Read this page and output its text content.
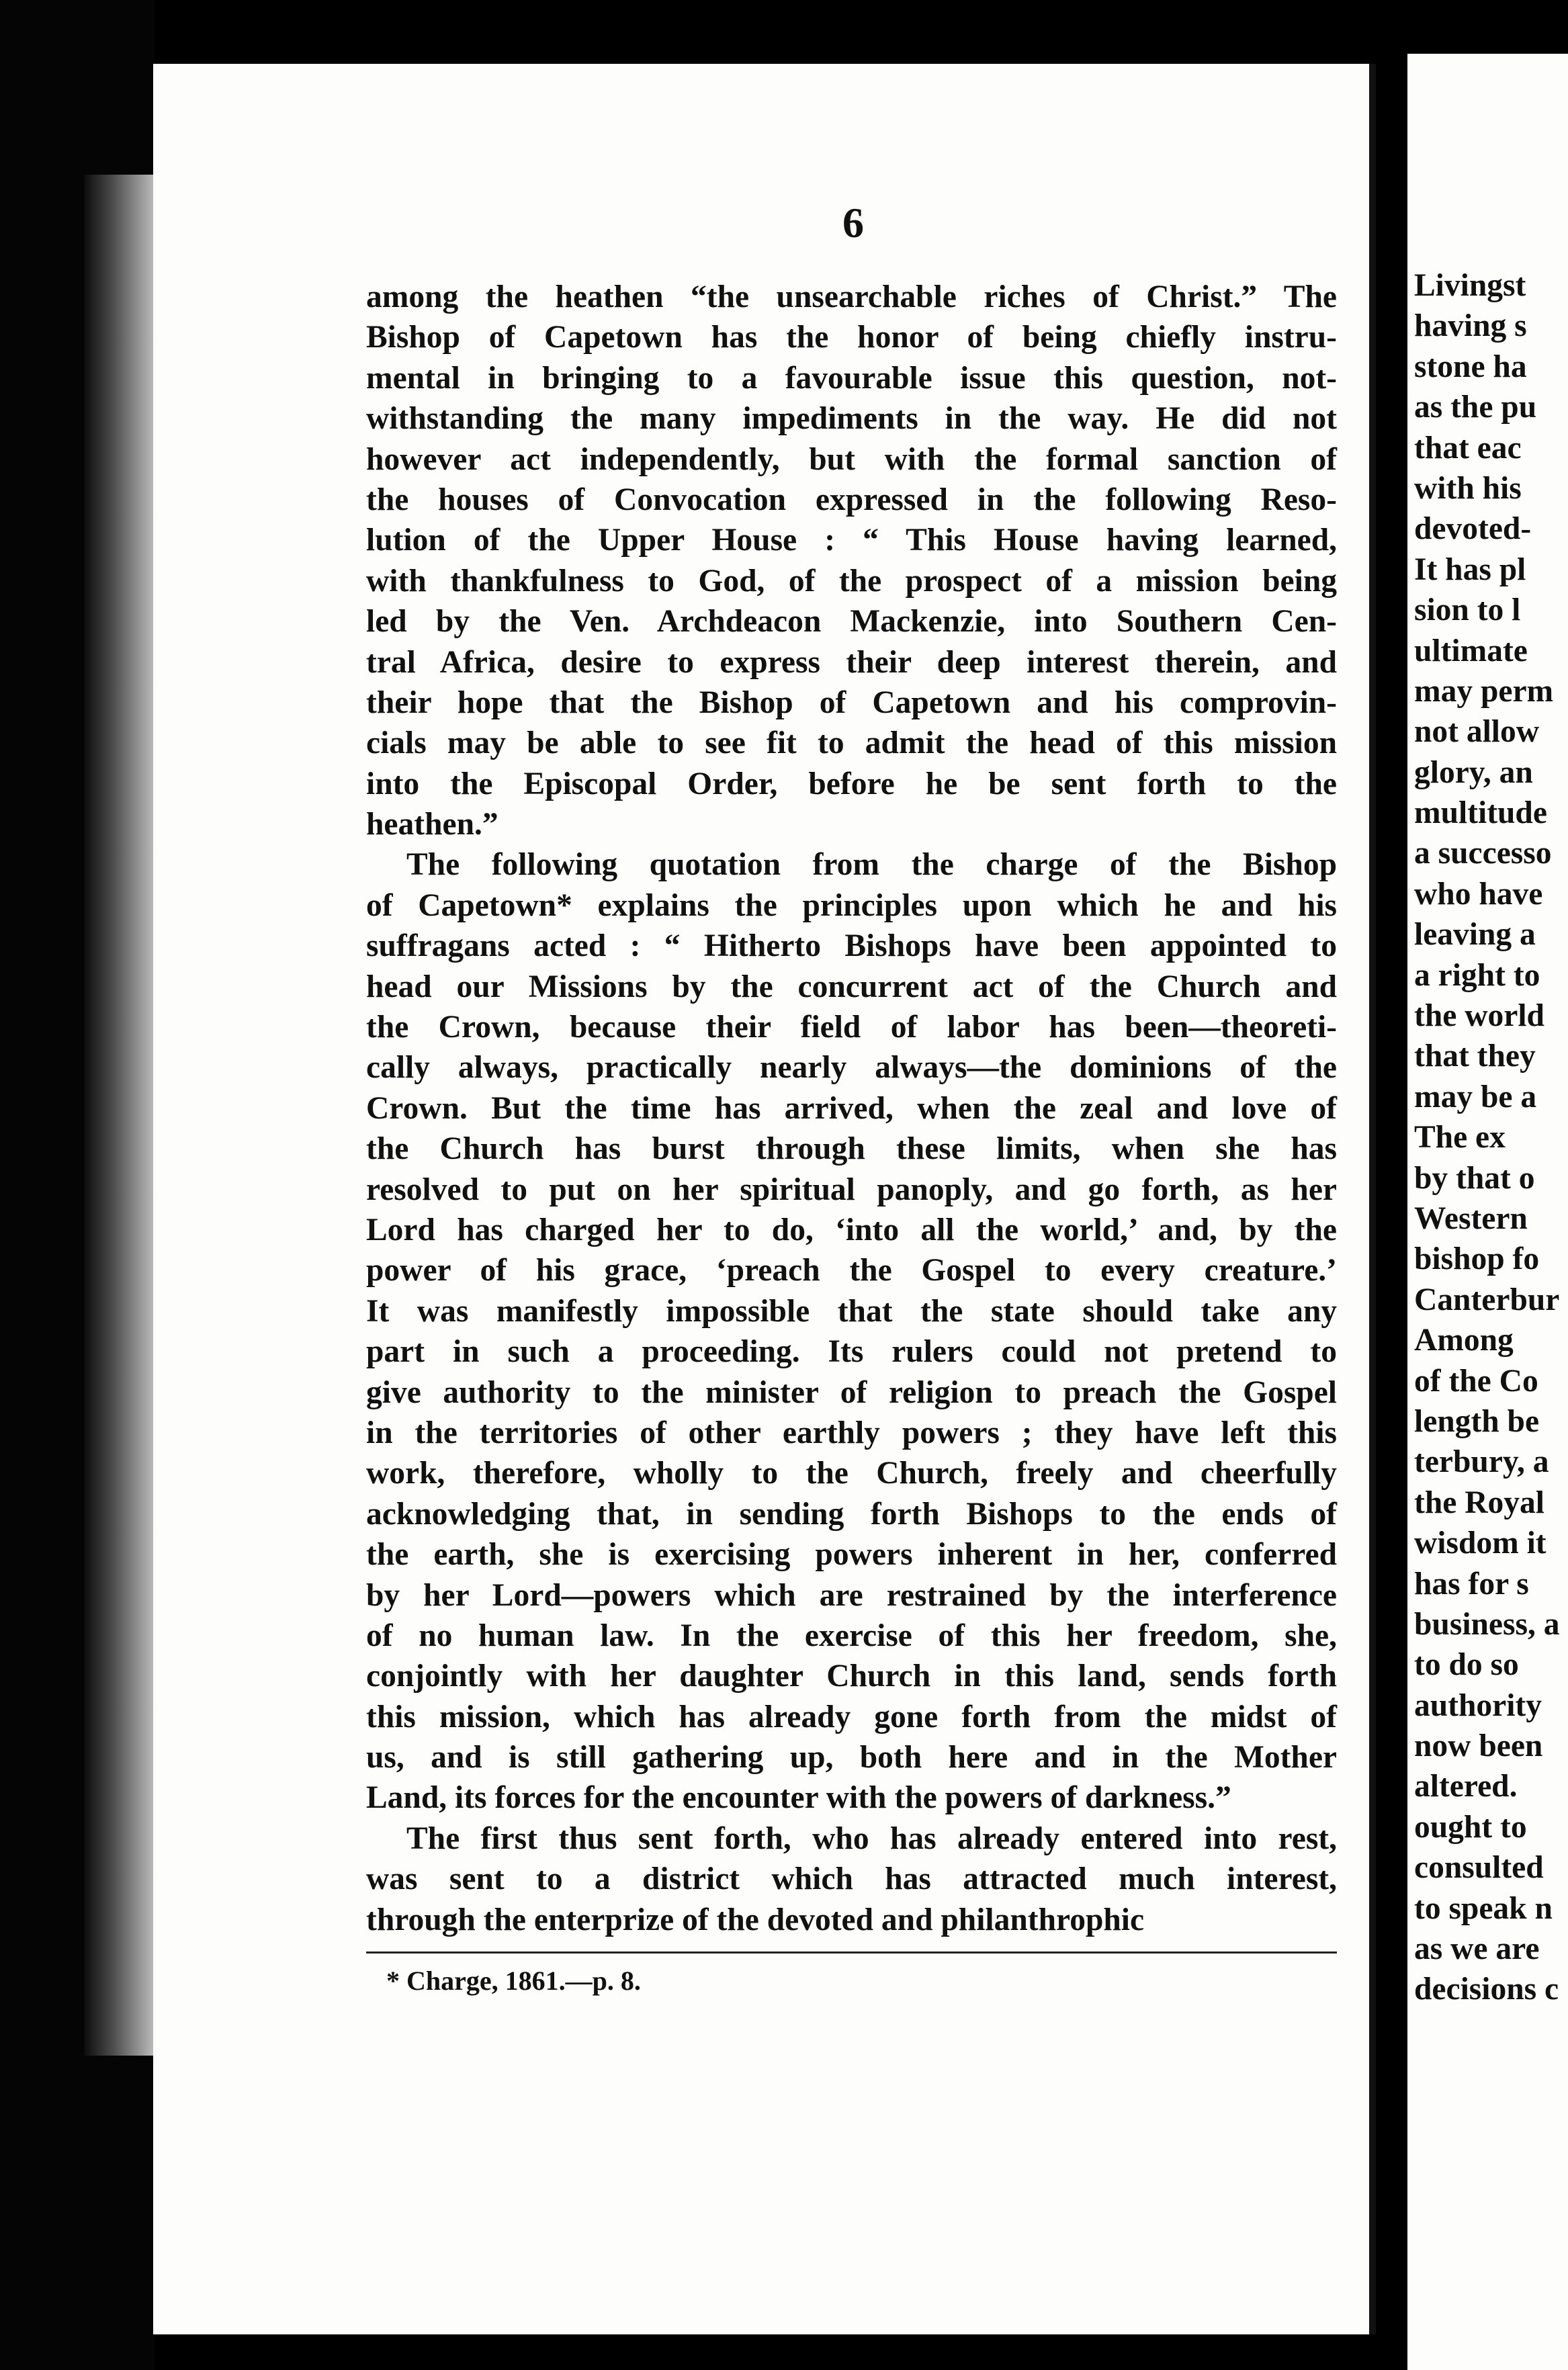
6
among the heathen “the unsearchable riches of Christ.” The
Bishop of Capetown has the honor of being chiefly instru-
mental in bringing to a favourable issue this question, not-
withstanding the many impediments in the way. He did not
however act independently, but with the formal sanction of
the houses of Convocation expressed in the following Reso-
lution of the Upper House : “ This House having learned,
with thankfulness to God, of the prospect of a mission being
led by the Ven. Archdeacon Mackenzie, into Southern Cen-
tral Africa, desire to express their deep interest therein, and
their hope that the Bishop of Capetown and his comprovin-
cials may be able to see fit to admit the head of this mission
into the Episcopal Order, before he be sent forth to the
heathen.”
The following quotation from the charge of the Bishop
of Capetown* explains the principles upon which he and his
suffragans acted : “ Hitherto Bishops have been appointed to
head our Missions by the concurrent act of the Church and
the Crown, because their field of labor has been—theoreti-
cally always, practically nearly always—the dominions of the
Crown. But the time has arrived, when the zeal and love of
the Church has burst through these limits, when she has
resolved to put on her spiritual panoply, and go forth, as her
Lord has charged her to do, ‘into all the world,’ and, by the
power of his grace, ‘preach the Gospel to every creature.’
It was manifestly impossible that the state should take any
part in such a proceeding. Its rulers could not pretend to
give authority to the minister of religion to preach the Gospel
in the territories of other earthly powers ; they have left this
work, therefore, wholly to the Church, freely and cheerfully
acknowledging that, in sending forth Bishops to the ends of
the earth, she is exercising powers inherent in her, conferred
by her Lord—powers which are restrained by the interference
of no human law. In the exercise of this her freedom, she,
conjointly with her daughter Church in this land, sends forth
this mission, which has already gone forth from the midst of
us, and is still gathering up, both here and in the Mother
Land, its forces for the encounter with the powers of darkness.”
The first thus sent forth, who has already entered into rest,
was sent to a district which has attracted much interest,
through the enterprize of the devoted and philanthrophic
* Charge, 1861.—p. 8.
Livingst
having s
stone ha
as the pu
that eac
with his
devoted-
It has pl
sion to l
ultimate
may perm
not allow
glory, an
multitude
a successo
who have
leaving a
a right to
the world
that they
may be a
The ex
by that o
Western
bishop fo
Canterbur
Among
of the Co
length be
terbury, a
the Royal
wisdom it
has for s
business, a
to do so
authority
now been
altered.
ought to
consulted
to speak n
as we are
decisions c
